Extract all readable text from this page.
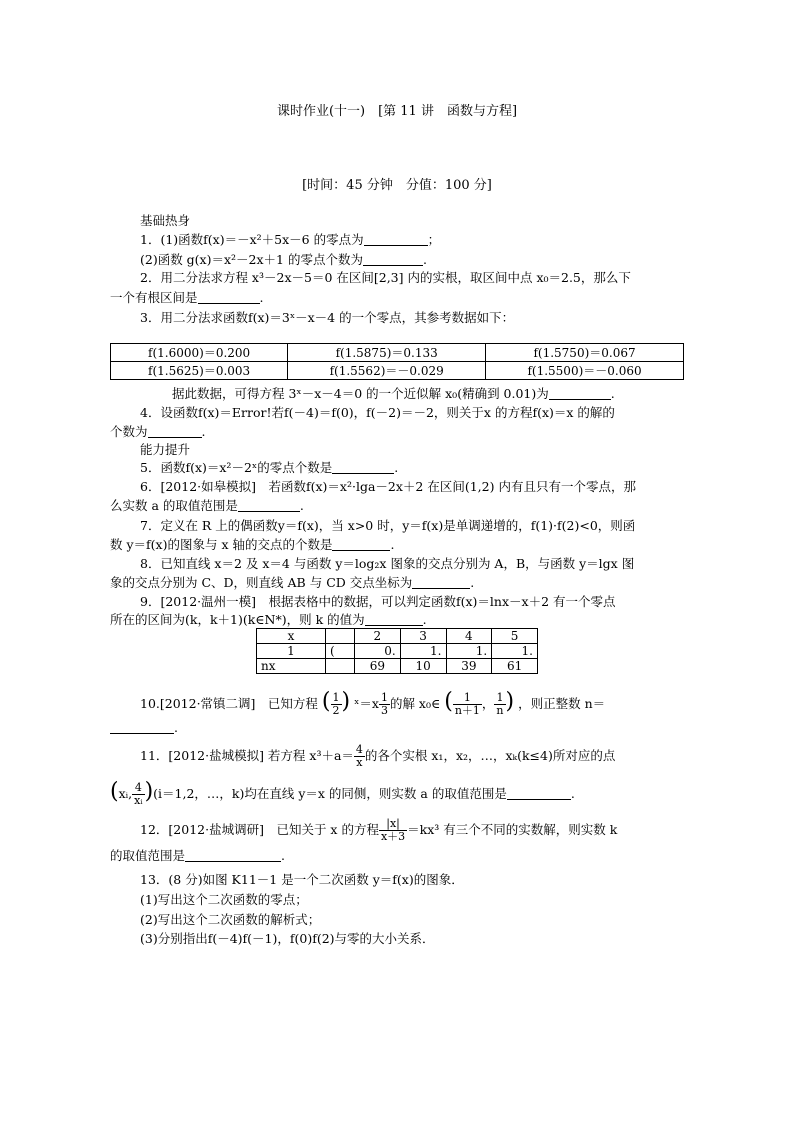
课时作业(十一)　[第 11 讲　函数与方程]
[时间：45 分钟　分值：100 分]
基础热身
1．(1)函数f(x)＝－x²＋5x－6 的零点为	；
(2)函数 g(x)＝x²－2x＋1 的零点个数为	.
2．用二分法求方程 x³－2x－5＝0 在区间[2,3] 内的实根，取区间中点 x₀＝2.5，那么下
一个有根区间是	.
3．用二分法求函数f(x)＝3ˣ－x－4 的一个零点，其参考数据如下：
f(1.6000)＝0.200	f(1.5875)＝0.133	f(1.5750)＝0.067
f(1.5625)＝0.003	f(1.5562)＝－0.029	f(1.5500)＝－0.060
据此数据，可得方程 3ˣ－x－4＝0 的一个近似解 x₀(精确到 0.01)为	.
4．设函数f(x)＝Error!若f(－4)＝f(0)，f(－2)＝－2，则关于x 的方程f(x)＝x 的解的
个数为	.
能力提升
5．函数f(x)＝x²－2ˣ的零点个数是	.
6．[2012·如皋模拟]　若函数f(x)＝x²·lga－2x＋2 在区间(1,2) 内有且只有一个零点，那
么实数 a 的取值范围是	.
7．定义在 R 上的偶函数y＝f(x)，当 x>0 时，y＝f(x)是单调递增的，f(1)·f(2)<0，则函
数 y＝f(x)的图象与 x 轴的交点的个数是	.
8．已知直线 x＝2 及 x＝4 与函数 y＝log₂x 图象的交点分别为 A，B，与函数 y＝lgx 图
象的交点分别为 C、D，则直线 AB 与 CD 交点坐标为	.
9．[2012·温州一模]　根据表格中的数据，可以判定函数f(x)＝lnx－x＋2 有一个零点
所在的区间为(k，k＋1)(k∈N*)，则 k 的值为	.
x		2	3	4	5
1	(	0.	1.	1.	1.
nx		69	10	39	61
10.[2012·常镇二调]　已知方程 ( $\frac{1}{2}$ ) ˣ＝x $\frac{1}{3}$ 的解 x₀∈ ( $\frac{1}{n+1}$ ， $\frac{1}{n}$ ) ，则正整数 n＝
.
11．[2012·盐城模拟] 若方程 $x^3+a= \frac{4}{x}$ 的各个实根 x₁，x₂，…，xₖ(k≤4)所对应的点
(xᵢ, $\frac{4}{\text{xᵢ}} )(i=1,2$，…，k)均在直线 y＝x 的同侧，则实数 a 的取值范围是	.
12．[2012·盐城调研]　已知关于 x 的方程 $\frac{|x|}{x+3} =kx^3$ 有三个不同的实数解，则实数 k
的取值范围是	.
13．(8 分)如图 K11－1 是一个二次函数 y＝f(x)的图象．
(1)写出这个二次函数的零点；
(2)写出这个二次函数的解析式；
(3)分别指出f(－4)f(－1)，f(0)f(2)与零的大小关系．
